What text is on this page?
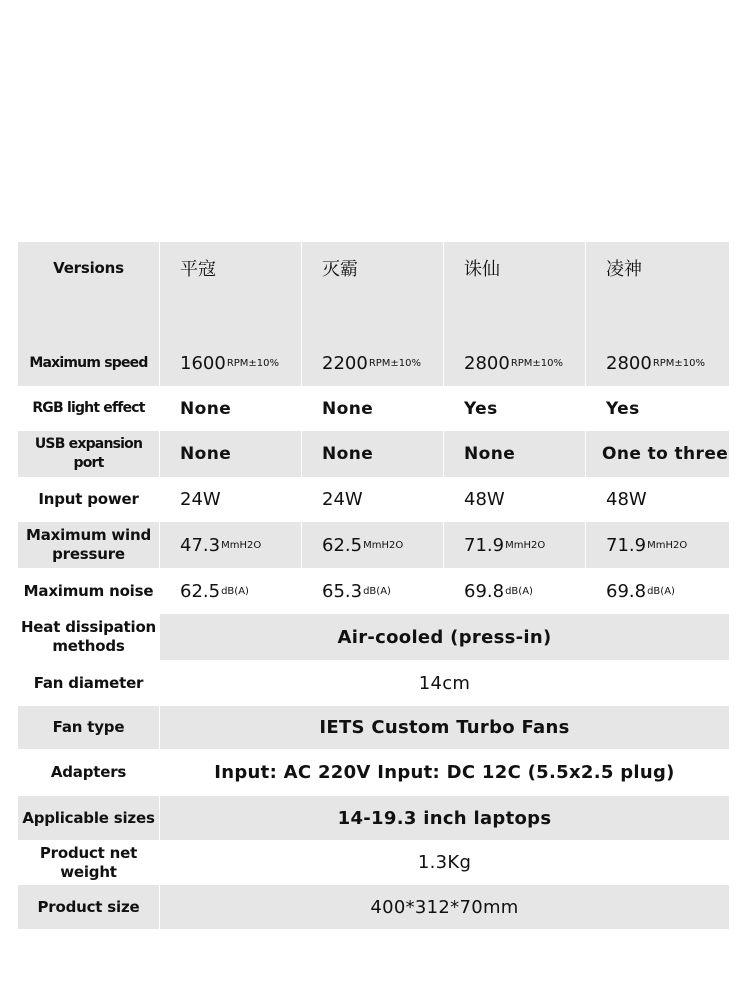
Versions	平寇	灭霸	诛仙	凌神
Maximum speed	1600 RPM±10% 2200 RPM±10% 2800 RPM±10% 2800 RPM±10%
RGB light effect	None	None	Yes	Yes
USB expansion port	None	None	None	One to three
Input power	24W	24W	48W	48W
Maximum wind pressure	47.3 MmH2O	62.5 MmH2O	71.9 MmH2O	71.9 MmH2O
Maximum noise	62.5 dB(A)	65.3 dB(A)	69.8 dB(A)	69.8 dB(A)
Heat dissipation methods	Air-cooled (press-in)
Fan diameter	14cm
Fan type	IETS Custom Turbo Fans
Adapters	Input: AC 220V Input: DC 12C (5.5x2.5 plug)
Applicable sizes	14-19.3 inch laptops
Product net weight	1.3Kg
Product size	400*312*70mm
